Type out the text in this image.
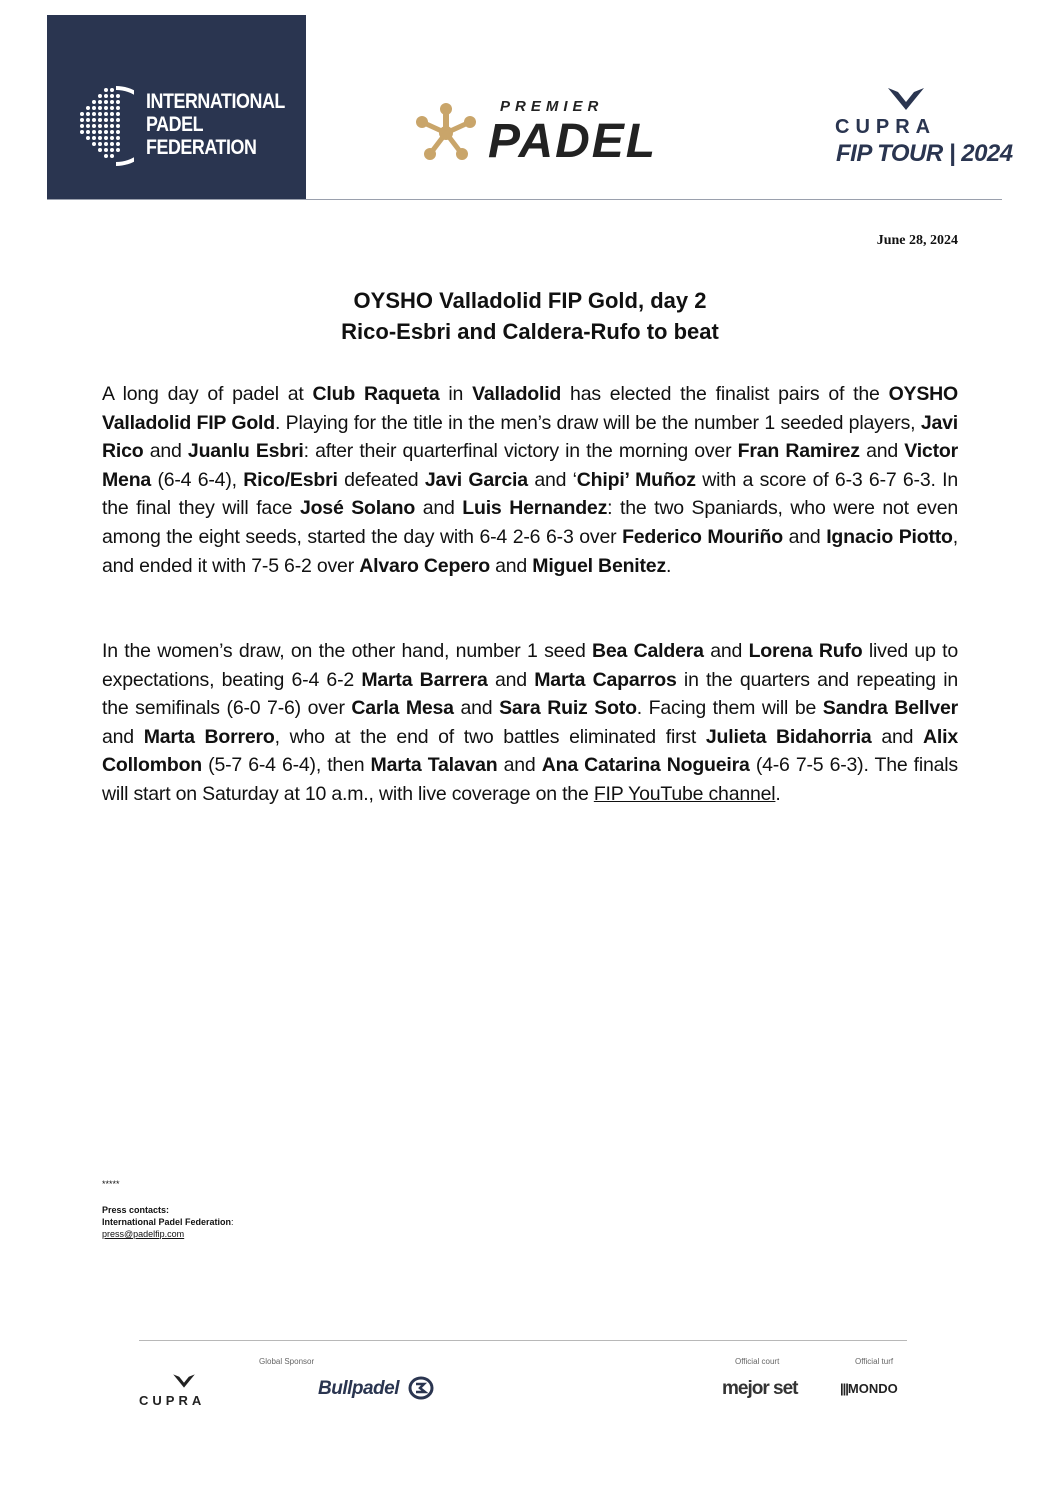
INTERNATIONAL
PADEL
FEDERATION
PREMIER
PADEL	CUPRA
FIP TOUR | 2024
June 28, 2024
OYSHO Valladolid FIP Gold, day 2
Rico-Esbri and Caldera-Rufo to beat
A long day of padel at Club Raqueta in Valladolid has elected the finalist pairs of the OYSHO Valladolid FIP Gold. Playing for the title in the men’s draw will be the number 1 seeded players, Javi Rico and Juanlu Esbri: after their quarterfinal victory in the morning over Fran Ramirez and Victor Mena (6-4 6-4), Rico/Esbri defeated Javi Garcia and ‘Chipi’ Muñoz with a score of 6-3 6-7 6-3. In the final they will face José Solano and Luis Hernandez: the two Spaniards, who were not even among the eight seeds, started the day with 6-4 2-6 6-3 over Federico Mouriño and Ignacio Piotto, and ended it with 7-5 6-2 over Alvaro Cepero and Miguel Benitez.
In the women’s draw, on the other hand, number 1 seed Bea Caldera and Lorena Rufo lived up to expectations, beating 6-4 6-2 Marta Barrera and Marta Caparros in the quarters and repeating in the semifinals (6-0 7-6) over Carla Mesa and Sara Ruiz Soto. Facing them will be Sandra Bellver and Marta Borrero, who at the end of two battles eliminated first Julieta Bidahorria and Alix Collombon (5-7 6-4 6-4), then Marta Talavan and Ana Catarina Nogueira (4-6 7-5 6-3). The finals will start on Saturday at 10 a.m., with live coverage on the FIP YouTube channel.
*****
Press contacts:
International Padel Federation:
press@padelfip.com
Global Sponsor	Official court	Official turf
CUPRA
Bullpadel	mejor set	|||MONDO
